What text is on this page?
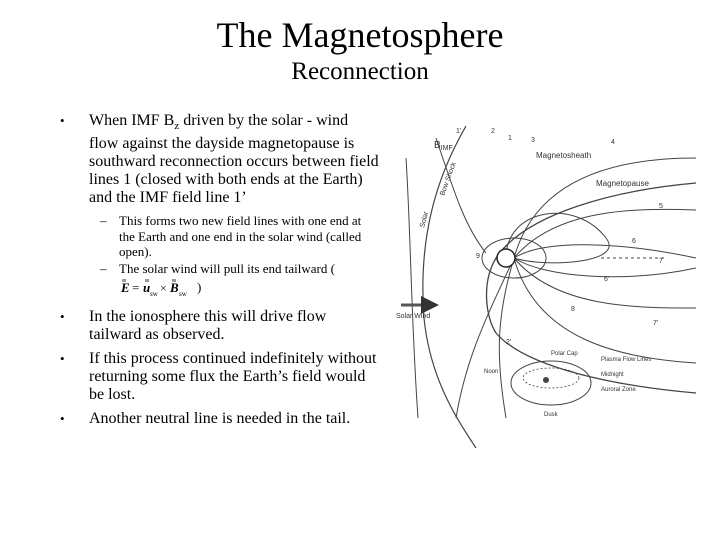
The Magnetosphere
Reconnection
• When IMF $B_z$ driven by the solar - wind flow against the dayside magnetopause is southward reconnection occurs between field lines 1 (closed with both ends at the Earth) and the IMF field line 1’
– This forms two new field lines with one end at the Earth and one end in the solar wind (called open).
– The solar wind will pull its end tailward (
E = u sw × B sw )
• In the ionosphere this will drive flow tailward as observed.
• If this process continued indefinitely without returning some flux the Earth’s field would be lost.
• Another neutral line is needed in the tail.
$B_{IMF}$
Magnetosheath
Magnetopause
Bow Shock
Solar
Solar Wind
1'
1	3	4
5
6
7
6'
8
9
2'
7'
2
Polar Cap
Plasma Flow Lines
Noon	Midnight
Auroral Zone
Dusk
